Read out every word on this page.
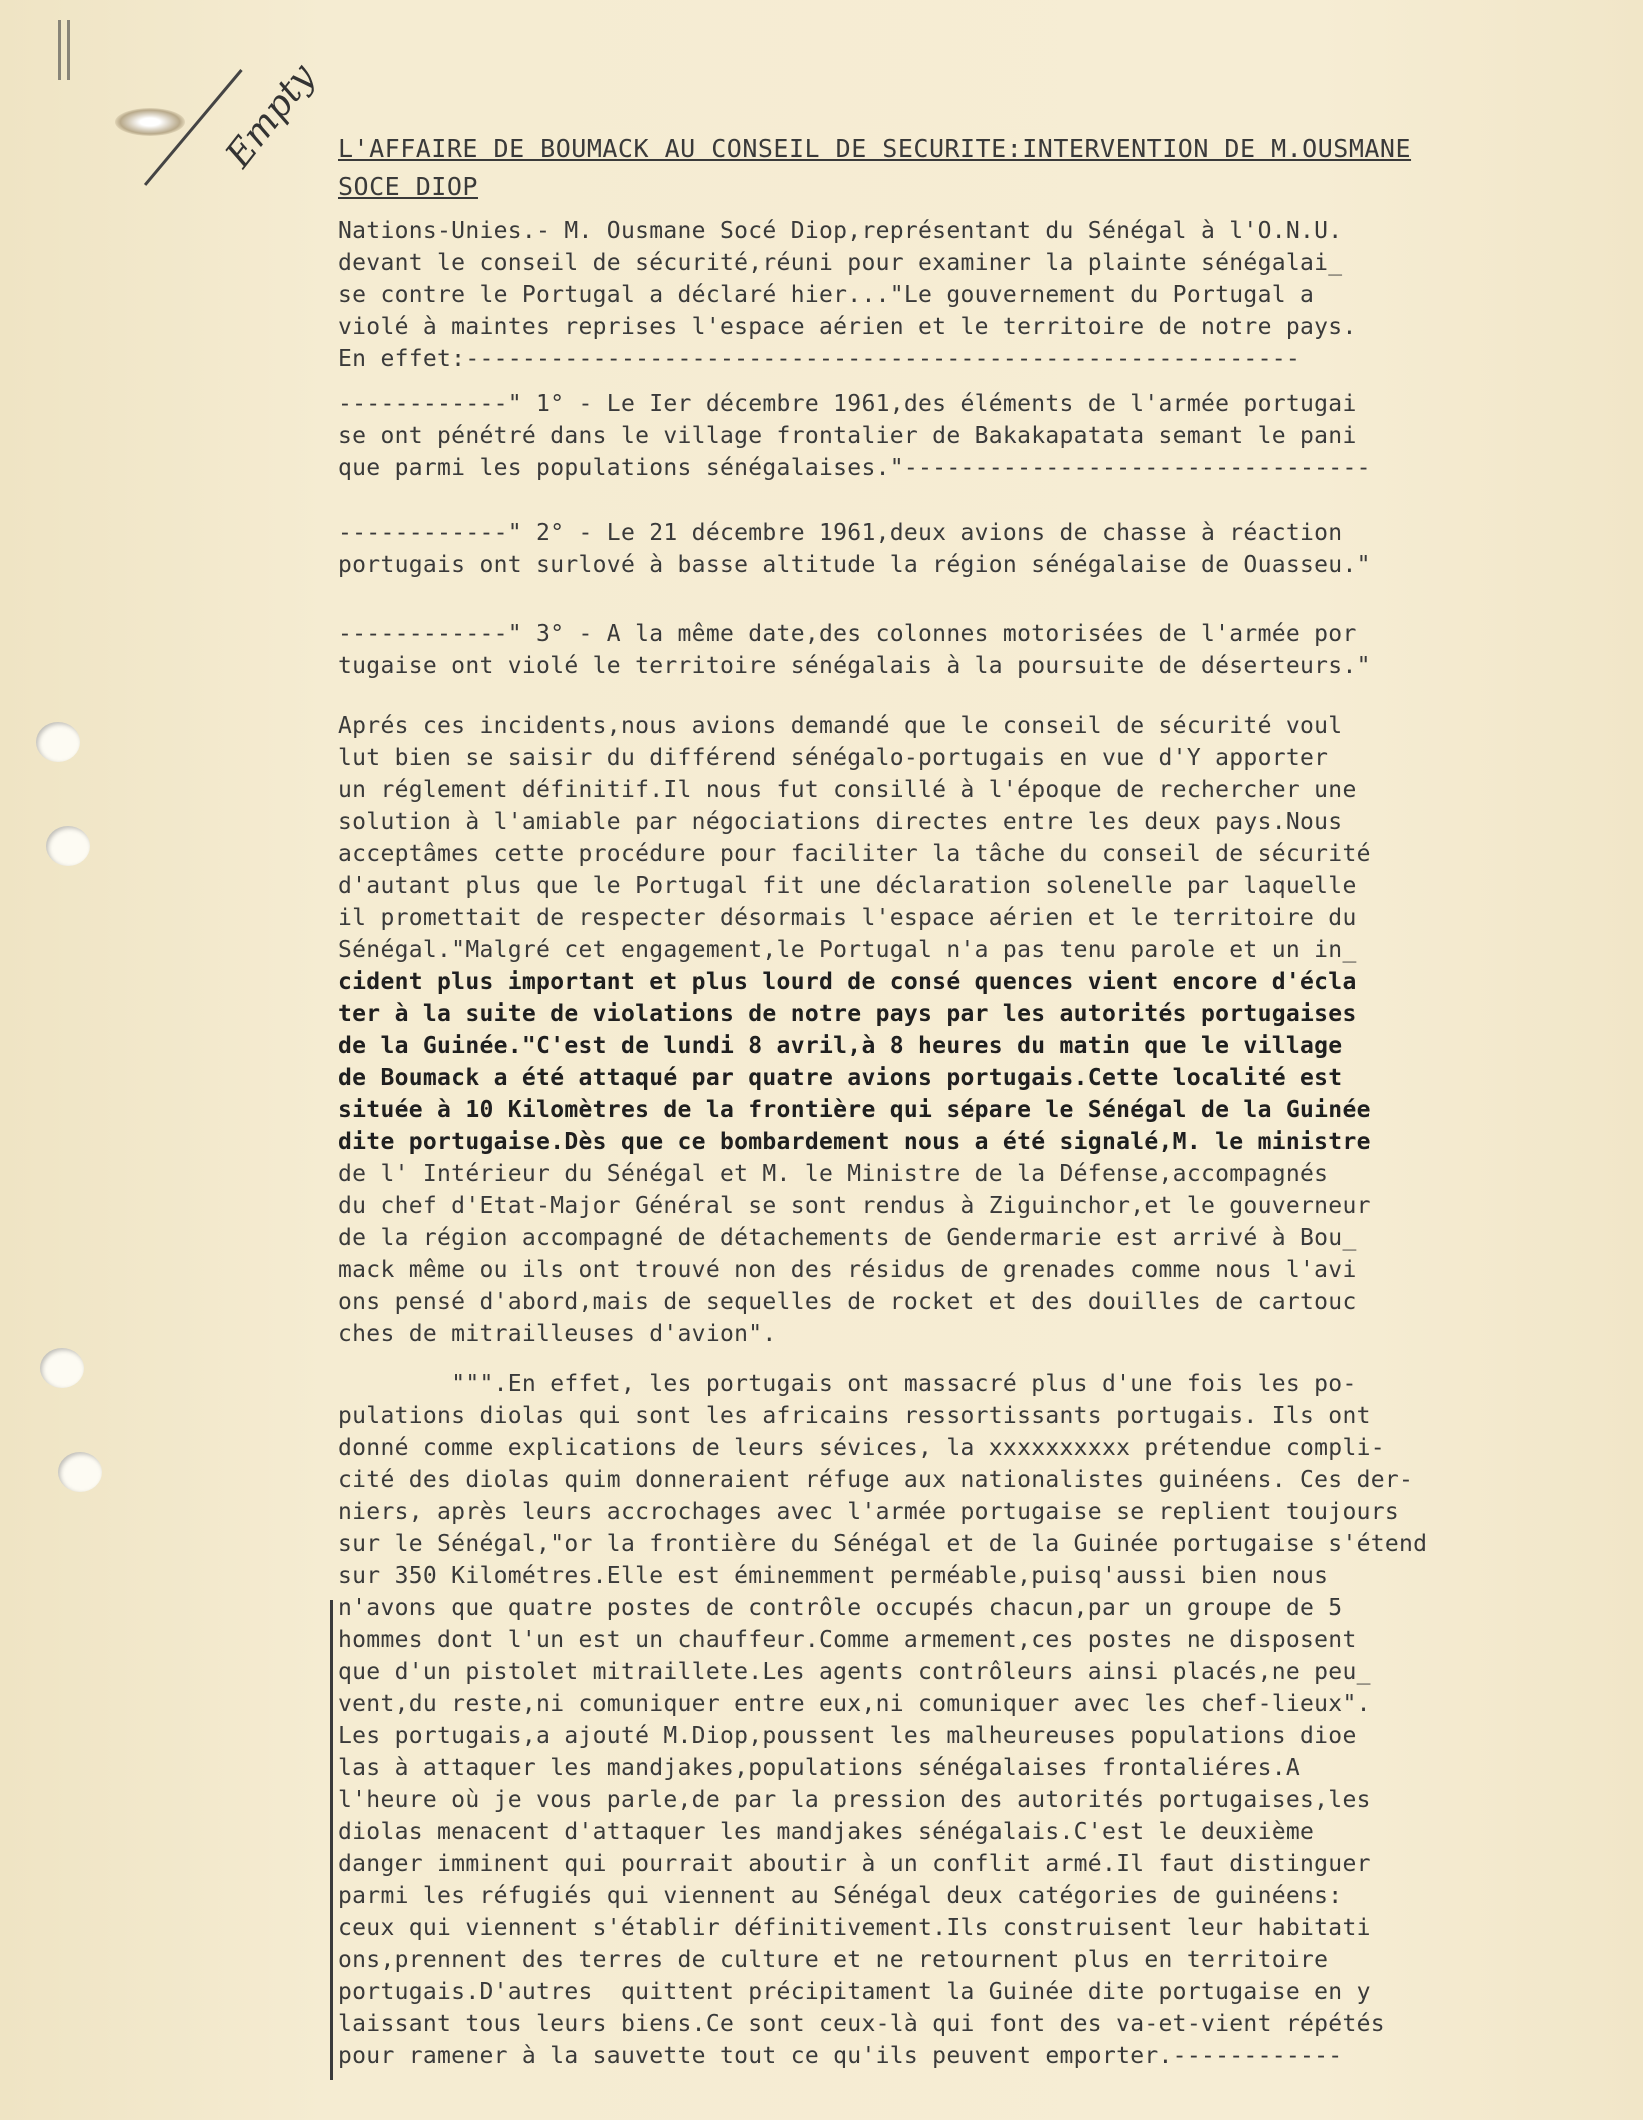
Empty L'AFFAIRE DE BOUMACK AU CONSEIL DE SECURITE:INTERVENTION DE M.OUSMANE SOCE DIOP
Nations-Unies.- M. Ousmane Socé Diop,représentant du Sénégal à l'O.N.U.
devant le conseil de sécurité,réuni pour examiner la plainte sénégalai_
se contre le Portugal a déclaré hier..."Le gouvernement du Portugal a
violé à maintes reprises l'espace aérien et le territoire de notre pays.
En effet:-----------------------------------------------------------
------------" 1° - Le Ier décembre 1961,des éléments de l'armée portugai
se ont pénétré dans le village frontalier de Bakakapatata semant le pani
que parmi les populations sénégalaises."---------------------------------
------------" 2° - Le 21 décembre 1961,deux avions de chasse à réaction
portugais ont surlové à basse altitude la région sénégalaise de Ouasseu."
------------" 3° - A la même date,des colonnes motorisées de l'armée por
tugaise ont violé le territoire sénégalais à la poursuite de déserteurs."
Aprés ces incidents,nous avions demandé que le conseil de sécurité voul
lut bien se saisir du différend sénégalo-portugais en vue d'Y apporter
un réglement définitif.Il nous fut consillé à l'époque de rechercher une
solution à l'amiable par négociations directes entre les deux pays.Nous
acceptâmes cette procédure pour faciliter la tâche du conseil de sécurité
d'autant plus que le Portugal fit une déclaration solenelle par laquelle
il promettait de respecter désormais l'espace aérien et le territoire du
Sénégal."Malgré cet engagement,le Portugal n'a pas tenu parole et un in_

cident plus important et plus lourd de consé quences vient encore d'écla
ter à la suite de violations de notre pays par les autorités portugaises
de la Guinée."C'est de lundi 8 avril,à 8 heures du matin que le village
de Boumack a été attaqué par quatre avions portugais.Cette localité est
située à 10 Kilomètres de la frontière qui sépare le Sénégal de la Guinée
dite portugaise.Dès que ce bombardement nous a été signalé,M. le ministre

de l' Intérieur du Sénégal et M. le Ministre de la Défense,accompagnés
du chef d'Etat-Major Général se sont rendus à Ziguinchor,et le gouverneur
de la région accompagné de détachements de Gendermarie est arrivé à Bou_
mack même ou ils ont trouvé non des résidus de grenades comme nous l'avi
ons pensé d'abord,mais de sequelles de rocket et des douilles de cartouc
ches de mitrailleuses d'avion".
""".En effet, les portugais ont massacré plus d'une fois les po-
pulations diolas qui sont les africains ressortissants portugais. Ils ont
donné comme explications de leurs sévices, la xxxxxxxxxx prétendue compli-
cité des diolas quim donneraient réfuge aux nationalistes guinéens. Ces der-
niers, après leurs accrochages avec l'armée portugaise se replient toujours
sur le Sénégal,"or la frontière du Sénégal et de la Guinée portugaise s'étend
sur 350 Kilométres.Elle est éminemment perméable,puisq'aussi bien nous
n'avons que quatre postes de contrôle occupés chacun,par un groupe de 5
hommes dont l'un est un chauffeur.Comme armement,ces postes ne disposent
que d'un pistolet mitraillete.Les agents contrôleurs ainsi placés,ne peu_
vent,du reste,ni comuniquer entre eux,ni comuniquer avec les chef-lieux".
Les portugais,a ajouté M.Diop,poussent les malheureuses populations dioe
las à attaquer les mandjakes,populations sénégalaises frontaliéres.A
l'heure où je vous parle,de par la pression des autorités portugaises,les
diolas menacent d'attaquer les mandjakes sénégalais.C'est le deuxième
danger imminent qui pourrait aboutir à un conflit armé.Il faut distinguer
parmi les réfugiés qui viennent au Sénégal deux catégories de guinéens:
ceux qui viennent s'établir définitivement.Ils construisent leur habitati
ons,prennent des terres de culture et ne retournent plus en territoire
portugais.D'autres  quittent précipitament la Guinée dite portugaise en y
laissant tous leurs biens.Ce sont ceux-là qui font des va-et-vient répétés
pour ramener à la sauvette tout ce qu'ils peuvent emporter.------------
